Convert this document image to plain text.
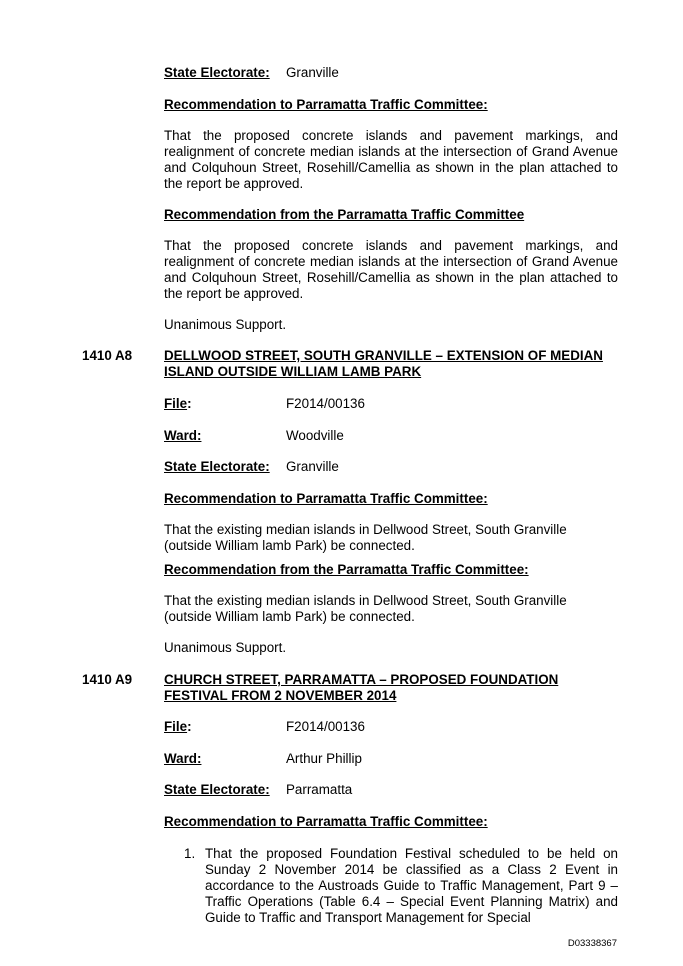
State Electorate: Granville
Recommendation to Parramatta Traffic Committee:
That the proposed concrete islands and pavement markings, and realignment of concrete median islands at the intersection of Grand Avenue and Colquhoun Street, Rosehill/Camellia as shown in the plan attached to the report be approved.
Recommendation from the Parramatta Traffic Committee
That the proposed concrete islands and pavement markings, and realignment of concrete median islands at the intersection of Grand Avenue and Colquhoun Street, Rosehill/Camellia as shown in the plan attached to the report be approved.
Unanimous Support.
1410 A8 DELLWOOD STREET, SOUTH GRANVILLE – EXTENSION OF MEDIAN ISLAND OUTSIDE WILLIAM LAMB PARK
File:	F2014/00136
Ward:	Woodville
State Electorate: Granville
Recommendation to Parramatta Traffic Committee:
That the existing median islands in Dellwood Street, South Granville (outside William lamb Park) be connected.
Recommendation from the Parramatta Traffic Committee:
That the existing median islands in Dellwood Street, South Granville (outside William lamb Park) be connected.
Unanimous Support.
1410 A9 CHURCH STREET, PARRAMATTA – PROPOSED FOUNDATION FESTIVAL FROM 2 NOVEMBER 2014
File:	F2014/00136
Ward:	Arthur Phillip
State Electorate: Parramatta
Recommendation to Parramatta Traffic Committee:
1. That the proposed Foundation Festival scheduled to be held on Sunday 2 November 2014 be classified as a Class 2 Event in accordance to the Austroads Guide to Traffic Management, Part 9 – Traffic Operations (Table 6.4 – Special Event Planning Matrix) and Guide to Traffic and Transport Management for Special
D03338367
